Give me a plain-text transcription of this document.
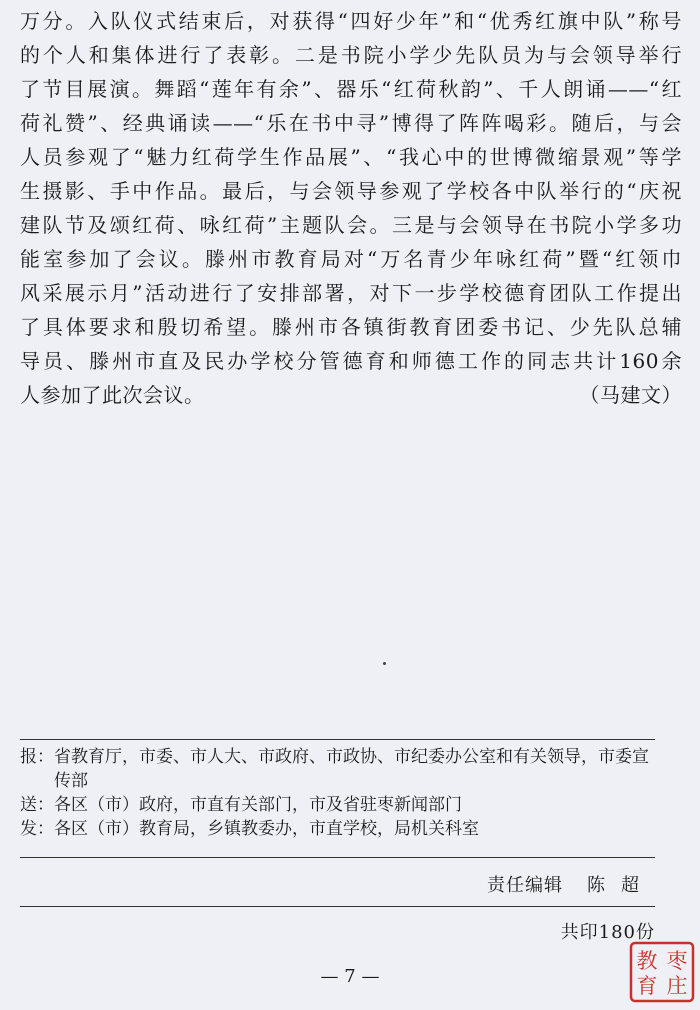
万分。入队仪式结束后，对获得“四好少年”和“优秀红旗中队”称号
的个人和集体进行了表彰。二是书院小学少先队员为与会领导举行
了节目展演。舞蹈“莲年有余”、器乐“红荷秋韵”、千人朗诵——“红
荷礼赞”、经典诵读——“乐在书中寻”博得了阵阵喝彩。随后，与会
人员参观了“魅力红荷学生作品展”、“我心中的世博微缩景观”等学
生摄影、手中作品。最后，与会领导参观了学校各中队举行的“庆祝
建队节及颂红荷、咏红荷”主题队会。三是与会领导在书院小学多功
能室参加了会议。滕州市教育局对“万名青少年咏红荷”暨“红领巾
风采展示月”活动进行了安排部署，对下一步学校德育团队工作提出
了具体要求和殷切希望。滕州市各镇街教育团委书记、少先队总辅
导员、滕州市直及民办学校分管德育和师德工作的同志共计160余
人参加了此次会议。	（马建文）
报： 省教育厅，市委、市人大、市政府、市政协、市纪委办公室和有关领导，市委宣传部
送： 各区（市）政府，市直有关部门，市及省驻枣新闻部门
发： 各区（市）教育局，乡镇教委办，市直学校，局机关科室
责任编辑 陈超
共印180份
— 7 —
枣
庄
教
育
